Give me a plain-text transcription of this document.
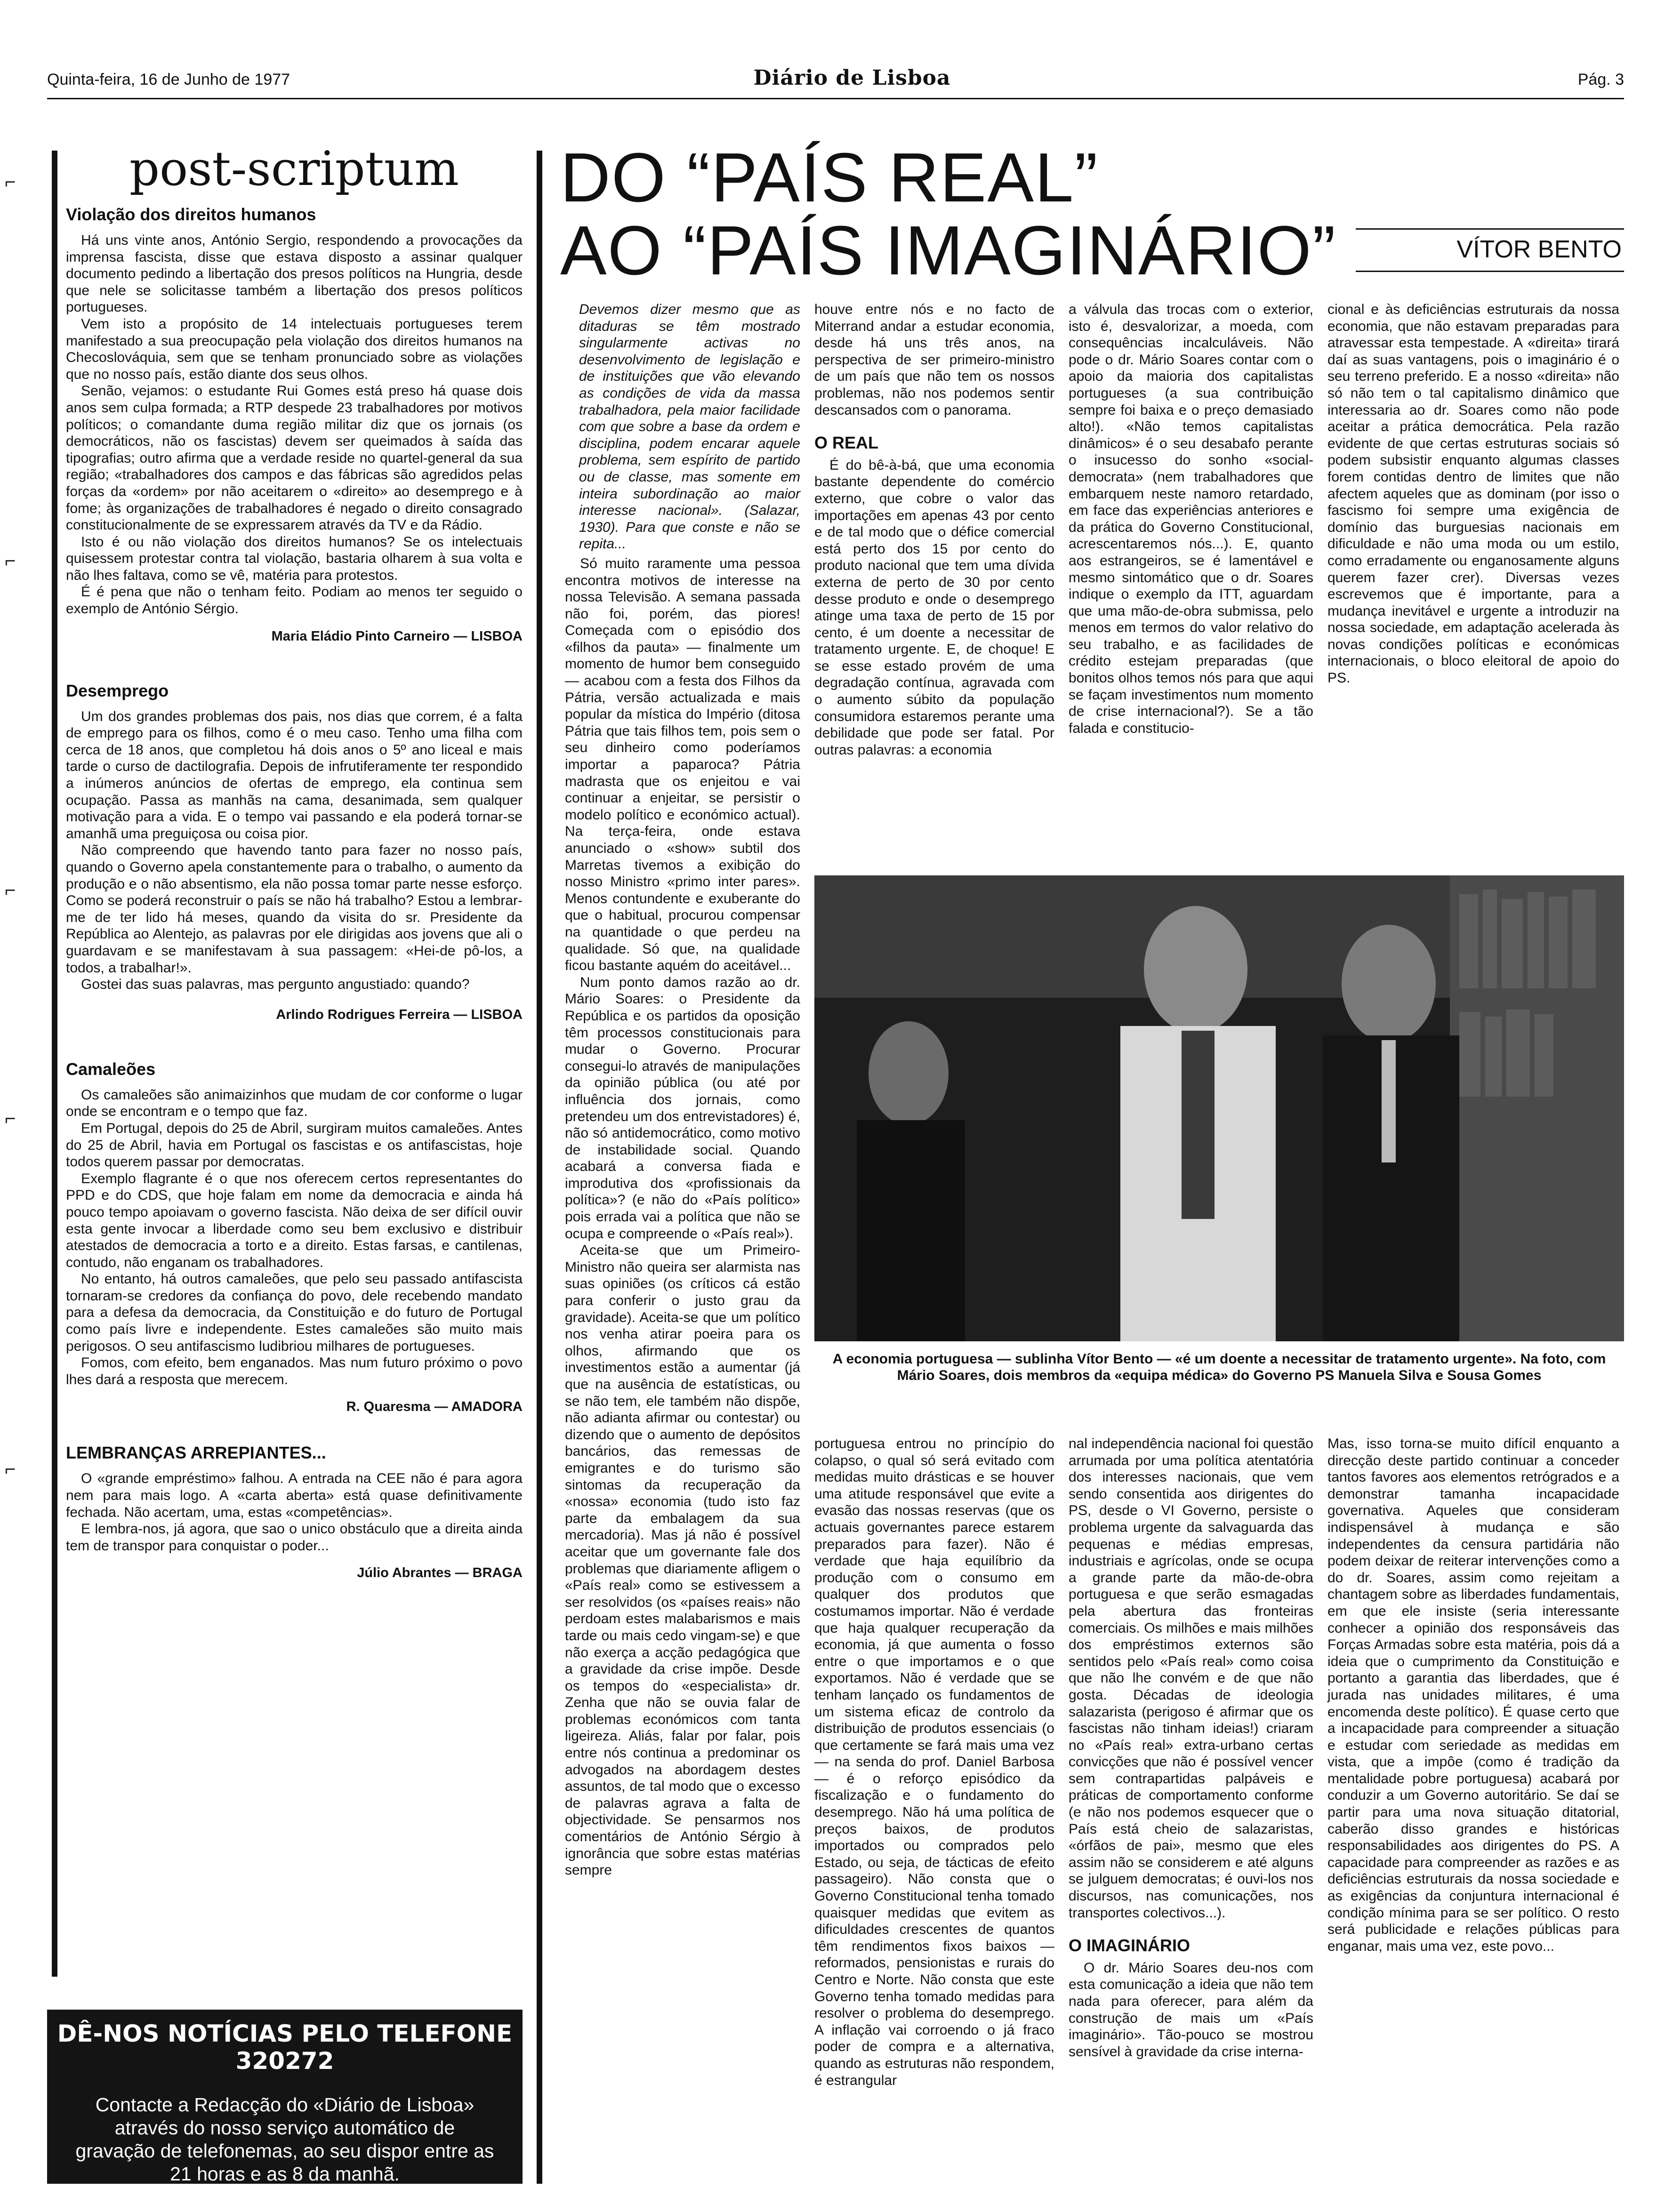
Quinta-feira, 16 de Junho de 1977	Diário de Lisboa	Pág. 3
⌐
⌐
⌐
⌐
⌐
post-scriptum
Violação dos direitos humanos

Há uns vinte anos, António Sergio, respondendo a provocações da imprensa fascista, disse que estava disposto a assinar qualquer documento pedindo a libertação dos presos políticos na Hungria, desde que nele se solicitasse também a libertação dos presos políticos portugueses.

Vem isto a propósito de 14 intelectuais portugueses terem manifestado a sua preocupação pela violação dos direitos humanos na Checoslováquia, sem que se tenham pronunciado sobre as violações que no nosso país, estão diante dos seus olhos.

Senão, vejamos: o estudante Rui Gomes está preso há quase dois anos sem culpa formada; a RTP despede 23 trabalhadores por motivos políticos; o comandante duma região militar diz que os jornais (os democráticos, não os fascistas) devem ser queimados à saída das tipografias; outro afirma que a verdade reside no quartel-general da sua região; «trabalhadores dos campos e das fábricas são agredidos pelas forças da «ordem» por não aceitarem o «direito» ao desemprego e à fome; às organizações de trabalhadores é negado o direito consagrado constitucionalmente de se expressarem através da TV e da Rádio.

Isto é ou não violação dos direitos humanos? Se os intelectuais quisessem protestar contra tal violação, bastaria olharem à sua volta e não lhes faltava, como se vê, matéria para protestos.

É é pena que não o tenham feito. Podiam ao menos ter seguido o exemplo de António Sérgio.

Maria Eládio Pinto Carneiro — LISBOA
Desemprego

Um dos grandes problemas dos pais, nos dias que correm, é a falta de emprego para os filhos, como é o meu caso. Tenho uma filha com cerca de 18 anos, que completou há dois anos o 5º ano liceal e mais tarde o curso de dactilografia. Depois de infrutiferamente ter respondido a inúmeros anúncios de ofertas de emprego, ela continua sem ocupação. Passa as manhãs na cama, desanimada, sem qualquer motivação para a vida. E o tempo vai passando e ela poderá tornar-se amanhã uma preguiçosa ou coisa pior.

Não compreendo que havendo tanto para fazer no nosso país, quando o Governo apela constantemente para o trabalho, o aumento da produção e o não absentismo, ela não possa tomar parte nesse esforço. Como se poderá reconstruir o país se não há trabalho? Estou a lembrar-me de ter lido há meses, quando da visita do sr. Presidente da República ao Alentejo, as palavras por ele dirigidas aos jovens que ali o guardavam e se manifestavam à sua passagem: «Hei-de pô-los, a todos, a trabalhar!».

Gostei das suas palavras, mas pergunto angustiado: quando?

Arlindo Rodrigues Ferreira — LISBOA
Camaleões

Os camaleões são animaizinhos que mudam de cor conforme o lugar onde se encontram e o tempo que faz.

Em Portugal, depois do 25 de Abril, surgiram muitos camaleões. Antes do 25 de Abril, havia em Portugal os fascistas e os antifascistas, hoje todos querem passar por democratas.

Exemplo flagrante é o que nos oferecem certos representantes do PPD e do CDS, que hoje falam em nome da democracia e ainda há pouco tempo apoiavam o governo fascista. Não deixa de ser difícil ouvir esta gente invocar a liberdade como seu bem exclusivo e distribuir atestados de democracia a torto e a direito. Estas farsas, e cantilenas, contudo, não enganam os trabalhadores.

No entanto, há outros camaleões, que pelo seu passado antifascista tornaram-se credores da confiança do povo, dele recebendo mandato para a defesa da democracia, da Constituição e do futuro de Portugal como país livre e independente. Estes camaleões são muito mais perigosos. O seu antifascismo ludibriou milhares de portugueses.

Fomos, com efeito, bem enganados. Mas num futuro próximo o povo lhes dará a resposta que merecem.

R. Quaresma — AMADORA
LEMBRANÇAS ARREPIANTES...

O «grande empréstimo» falhou. A entrada na CEE não é para agora nem para mais logo. A «carta aberta» está quase definitivamente fechada. Não acertam, uma, estas «competências».

E lembra-nos, já agora, que sao o unico obstáculo que a direita ainda tem de transpor para conquistar o poder...

Júlio Abrantes — BRAGA
DÊ-NOS NOTÍCIAS PELO TELEFONE 320272
Contacte a Redacção do «Diário de Lisboa» através do nosso serviço automático de gravação de telefonemas, ao seu dispor entre as 21 horas e as 8 da manhã.
DO “PAÍS REAL”
AO “PAÍS IMAGINÁRIO”	VÍTOR BENTO

Devemos dizer mesmo que as ditaduras se têm mostrado singularmente activas no desenvolvimento de legislação e de instituições que vão elevando as condições de vida da massa trabalhadora, pela maior facilidade com que sobre a base da ordem e disciplina, podem encarar aquele problema, sem espírito de partido ou de classe, mas somente em inteira subordinação ao maior interesse nacional». (Salazar, 1930). Para que conste e não se repita...

Só muito raramente uma pessoa encontra motivos de interesse na nossa Televisão. A semana passada não foi, porém, das piores! Começada com o episódio dos «filhos da pauta» — finalmente um momento de humor bem conseguido — acabou com a festa dos Filhos da Pátria, versão actualizada e mais popular da mística do Império (ditosa Pátria que tais filhos tem, pois sem o seu dinheiro como poderíamos importar a paparoca? Pátria madrasta que os enjeitou e vai continuar a enjeitar, se persistir o modelo político e económico actual). Na terça-feira, onde estava anunciado o «show» subtil dos Marretas tivemos a exibição do nosso Ministro «primo inter pares». Menos contundente e exuberante do que o habitual, procurou compensar na quantidade o que perdeu na qualidade. Só que, na qualidade ficou bastante aquém do aceitável...

Num ponto damos razão ao dr. Mário Soares: o Presidente da República e os partidos da oposição têm processos constitucionais para mudar o Governo. Procurar consegui-lo através de manipulações da opinião pública (ou até por influência dos jornais, como pretendeu um dos entrevistadores) é, não só antidemocrático, como motivo de instabilidade social. Quando acabará a conversa fiada e improdutiva dos «profissionais da política»? (e não do «País político» pois errada vai a política que não se ocupa e compreende o «País real»).

Aceita-se que um Primeiro-Ministro não queira ser alarmista nas suas opiniões (os críticos cá estão para conferir o justo grau da gravidade). Aceita-se que um político nos venha atirar poeira para os olhos, afirmando que os investimentos estão a aumentar (já que na ausência de estatísticas, ou se não tem, ele também não dispõe, não adianta afirmar ou contestar) ou dizendo que o aumento de depósitos bancários, das remessas de emigrantes e do turismo são sintomas da recuperação da «nossa» economia (tudo isto faz parte da embalagem da sua mercadoria). Mas já não é possível aceitar que um governante fale dos problemas que diariamente afligem o «País real» como se estivessem a ser resolvidos (os «países reais» não perdoam estes malabarismos e mais tarde ou mais cedo vingam-se) e que não exerça a acção pedagógica que a gravidade da crise impõe. Desde os tempos do «especialista» dr. Zenha que não se ouvia falar de problemas económicos com tanta ligeireza. Aliás, falar por falar, pois entre nós continua a predominar os advogados na abordagem destes assuntos, de tal modo que o excesso de palavras agrava a falta de objectividade. Se pensarmos nos comentários de António Sérgio à ignorância que sobre estas matérias sempre

houve entre nós e no facto de Miterrand andar a estudar economia, desde há uns três anos, na perspectiva de ser primeiro-ministro de um país que não tem os nossos problemas, não nos podemos sentir descansados com o panorama.

O REAL

É do bê-à-bá, que uma economia bastante dependente do comércio externo, que cobre o valor das importações em apenas 43 por cento e de tal modo que o défice comercial está perto dos 15 por cento do produto nacional que tem uma dívida externa de perto de 30 por cento desse produto e onde o desemprego atinge uma taxa de perto de 15 por cento, é um doente a necessitar de tratamento urgente. E, de choque! E se esse estado provém de uma degradação contínua, agravada com o aumento súbito da população consumidora estaremos perante uma debilidade que pode ser fatal. Por outras palavras: a economia

a válvula das trocas com o exterior, isto é, desvalorizar, a moeda, com consequências incalculáveis. Não pode o dr. Mário Soares contar com o apoio da maioria dos capitalistas portugueses (a sua contribuição sempre foi baixa e o preço demasiado alto!). «Não temos capitalistas dinâmicos» é o seu desabafo perante o insucesso do sonho «social-democrata» (nem trabalhadores que embarquem neste namoro retardado, em face das experiências anteriores e da prática do Governo Constitucional, acrescentaremos nós...). E, quanto aos estrangeiros, se é lamentável e mesmo sintomático que o dr. Soares indique o exemplo da ITT, aguardam que uma mão-de-obra submissa, pelo menos em termos do valor relativo do seu trabalho, e as facilidades de crédito estejam preparadas (que bonitos olhos temos nós para que aqui se façam investimentos num momento de crise internacional?). Se a tão falada e constitucio-

cional e às deficiências estruturais da nossa economia, que não estavam preparadas para atravessar esta tempestade. A «direita» tirará daí as suas vantagens, pois o imaginário é o seu terreno preferido. E a nosso «direita» não só não tem o tal capitalismo dinâmico que interessaria ao dr. Soares como não pode aceitar a prática democrática. Pela razão evidente de que certas estruturas sociais só podem subsistir enquanto algumas classes forem contidas dentro de limites que não afectem aqueles que as dominam (por isso o fascismo foi sempre uma exigência de domínio das burguesias nacionais em dificuldade e não uma moda ou um estilo, como erradamente ou enganosamente alguns querem fazer crer). Diversas vezes escrevemos que é importante, para a mudança inevitável e urgente a introduzir na nossa sociedade, em adaptação acelerada às novas condições políticas e económicas internacionais, o bloco eleitoral de apoio do PS.

A economia portuguesa — sublinha Vítor Bento — «é um doente a necessitar de tratamento urgente». Na foto, com Mário Soares, dois membros da «equipa médica» do Governo PS Manuela Silva e Sousa Gomes

portuguesa entrou no princípio do colapso, o qual só será evitado com medidas muito drásticas e se houver uma atitude responsável que evite a evasão das nossas reservas (que os actuais governantes parece estarem preparados para fazer). Não é verdade que haja equilíbrio da produção com o consumo em qualquer dos produtos que costumamos importar. Não é verdade que haja qualquer recuperação da economia, já que aumenta o fosso entre o que importamos e o que exportamos. Não é verdade que se tenham lançado os fundamentos de um sistema eficaz de controlo da distribuição de produtos essenciais (o que certamente se fará mais uma vez — na senda do prof. Daniel Barbosa — é o reforço episódico da fiscalização e o fundamento do desemprego. Não há uma política de preços baixos, de produtos importados ou comprados pelo Estado, ou seja, de tácticas de efeito passageiro). Não consta que o Governo Constitucional tenha tomado quaisquer medidas que evitem as dificuldades crescentes de quantos têm rendimentos fixos baixos — reformados, pensionistas e rurais do Centro e Norte. Não consta que este Governo tenha tomado medidas para resolver o problema do desemprego. A inflação vai corroendo o já fraco poder de compra e a alternativa, quando as estruturas não respondem, é estrangular

nal independência nacional foi questão arrumada por uma política atentatória dos interesses nacionais, que vem sendo consentida aos dirigentes do PS, desde o VI Governo, persiste o problema urgente da salvaguarda das pequenas e médias empresas, industriais e agrícolas, onde se ocupa a grande parte da mão-de-obra portuguesa e que serão esmagadas pela abertura das fronteiras comerciais. Os milhões e mais milhões dos empréstimos externos são sentidos pelo «País real» como coisa que não lhe convém e de que não gosta. Décadas de ideologia salazarista (perigoso é afirmar que os fascistas não tinham ideias!) criaram no «País real» extra-urbano certas convicções que não é possível vencer sem contrapartidas palpáveis e práticas de comportamento conforme (e não nos podemos esquecer que o País está cheio de salazaristas, «órfãos de pai», mesmo que eles assim não se considerem e até alguns se julguem democratas; é ouvi-los nos discursos, nas comunicações, nos transportes colectivos...).

O IMAGINÁRIO

O dr. Mário Soares deu-nos com esta comunicação a ideia que não tem nada para oferecer, para além da construção de mais um «País imaginário». Tão-pouco se mostrou sensível à gravidade da crise interna-

Mas, isso torna-se muito difícil enquanto a direcção deste partido continuar a conceder tantos favores aos elementos retrógrados e a demonstrar tamanha incapacidade governativa. Aqueles que consideram indispensável à mudança e são independentes da censura partidária não podem deixar de reiterar intervenções como a do dr. Soares, assim como rejeitam a chantagem sobre as liberdades fundamentais, em que ele insiste (seria interessante conhecer a opinião dos responsáveis das Forças Armadas sobre esta matéria, pois dá a ideia que o cumprimento da Constituição e portanto a garantia das liberdades, que é jurada nas unidades militares, é uma encomenda deste político). É quase certo que a incapacidade para compreender a situação e estudar com seriedade as medidas em vista, que a impôe (como é tradição da mentalidade pobre portuguesa) acabará por conduzir a um Governo autoritário. Se daí se partir para uma nova situação ditatorial, caberão disso grandes e históricas responsabilidades aos dirigentes do PS. A capacidade para compreender as razões e as deficiências estruturais da nossa sociedade e as exigências da conjuntura internacional é condição mínima para se ser político. O resto será publicidade e relações públicas para enganar, mais uma vez, este povo...
